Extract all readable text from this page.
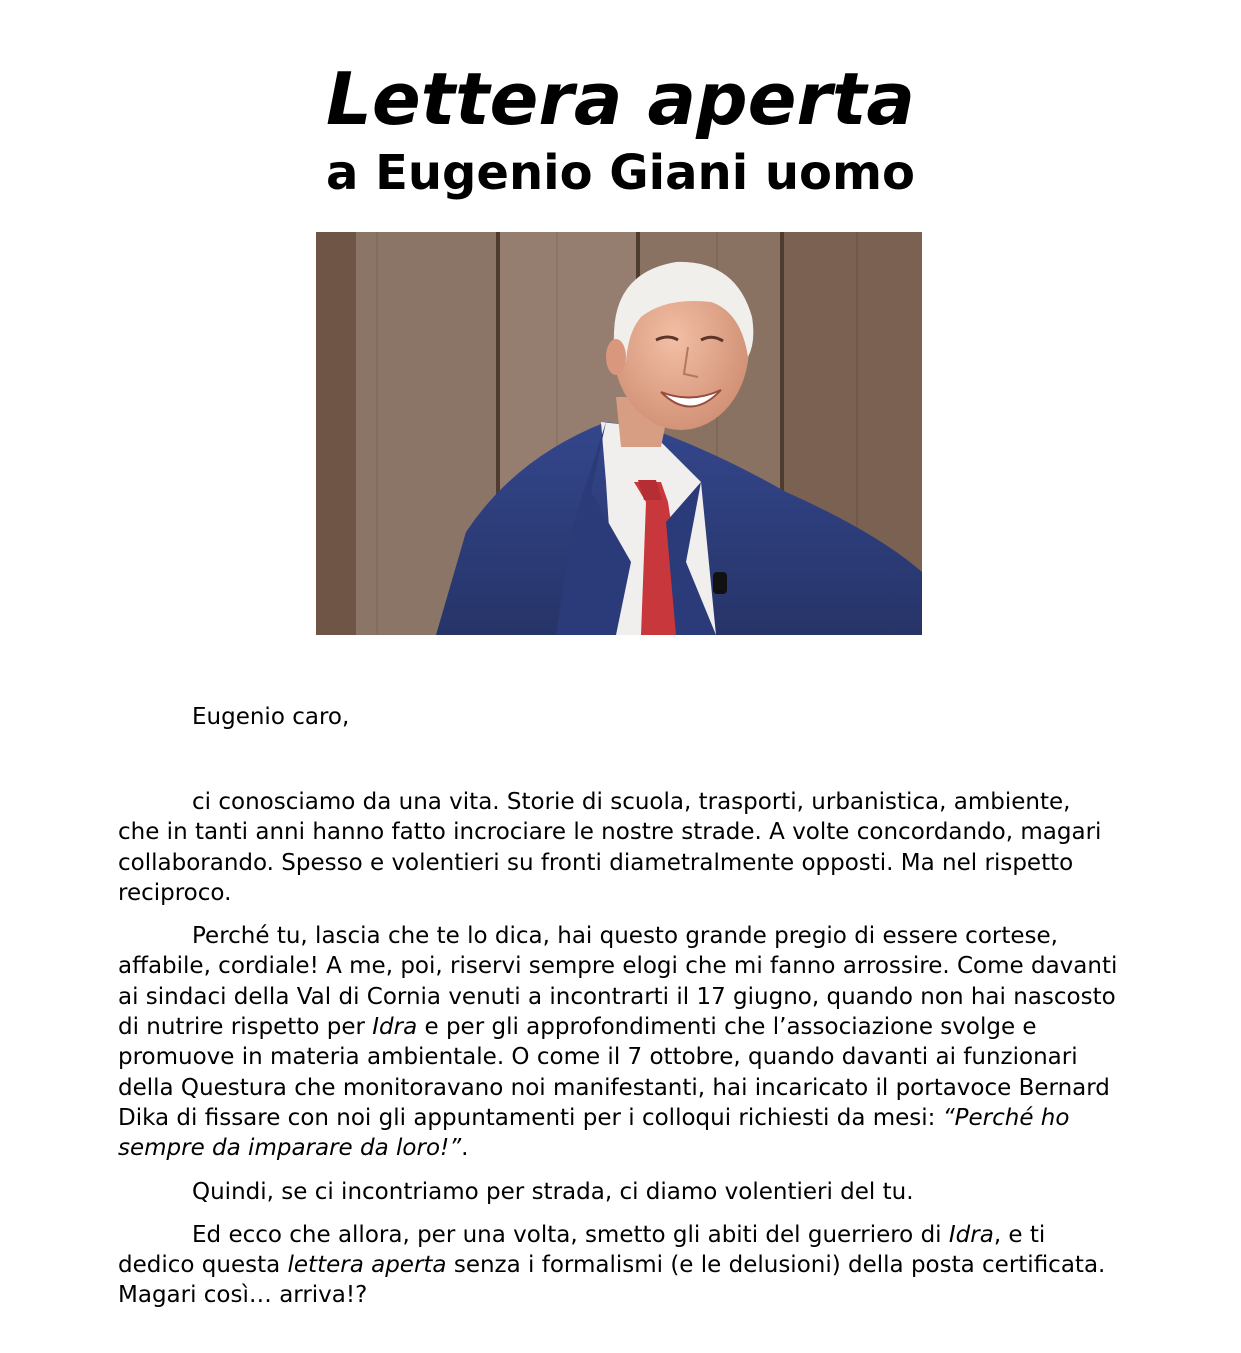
Lettera aperta
a Eugenio Giani uomo
Eugenio caro,

ci conosciamo da una vita. Storie di scuola, trasporti, urbanistica, ambiente, che in tanti anni hanno fatto incrociare le nostre strade. A volte concordando, magari collaborando. Spesso e volentieri su fronti diametralmente opposti. Ma nel rispetto reciproco.

Perché tu, lascia che te lo dica, hai questo grande pregio di essere cortese, affabile, cordiale! A me, poi, riservi sempre elogi che mi fanno arrossire. Come davanti ai sindaci della Val di Cornia venuti a incontrarti il 17 giugno, quando non hai nascosto di nutrire rispetto per Idra e per gli approfondimenti che l’associazione svolge e promuove in materia ambientale. O come il 7 ottobre, quando davanti ai funzionari della Questura che monitoravano noi manifestanti, hai incaricato il portavoce Bernard Dika di fissare con noi gli appuntamenti per i colloqui richiesti da mesi: “Perché ho sempre da imparare da loro!”.

Quindi, se ci incontriamo per strada, ci diamo volentieri del tu.

Ed ecco che allora, per una volta, smetto gli abiti del guerriero di Idra, e ti dedico questa lettera aperta senza i formalismi (e le delusioni) della posta certificata. Magari così… arriva!?
